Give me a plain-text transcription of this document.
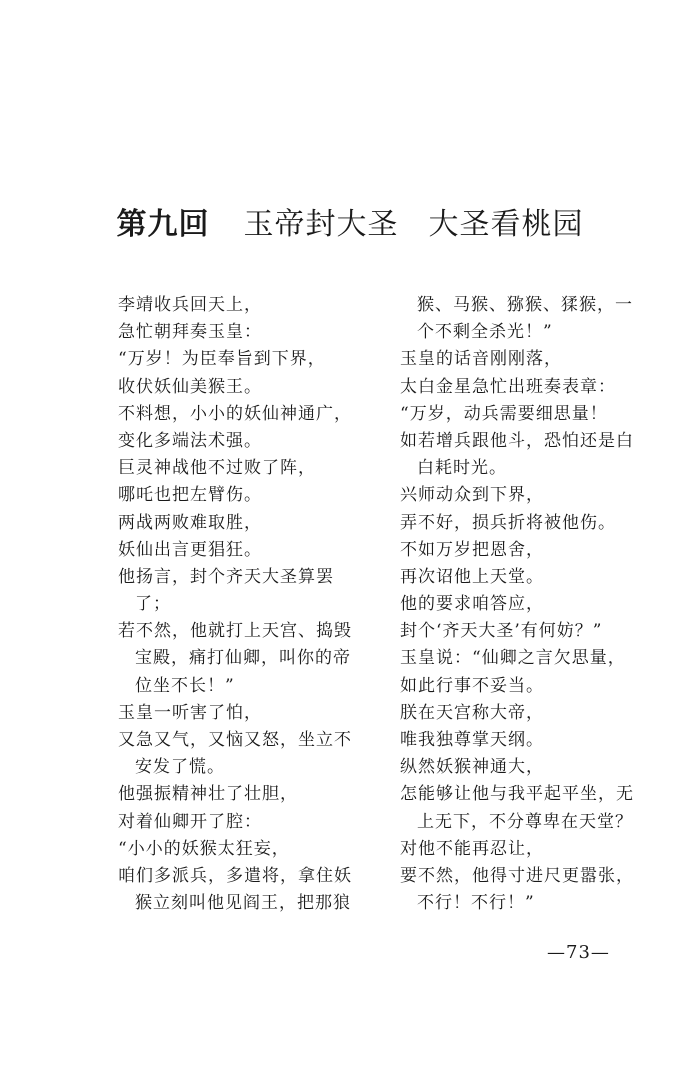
第九回 玉帝封大圣 大圣看桃园
李靖收兵回天上，
急忙朝拜奏玉皇：
“万岁！为臣奉旨到下界，
收伏妖仙美猴王。
不料想，小小的妖仙神通广，
变化多端法术强。
巨灵神战他不过败了阵，
哪吒也把左臂伤。
两战两败难取胜，
妖仙出言更猖狂。
他扬言，封个齐天大圣算罢
了；
若不然，他就打上天宫、捣毁
宝殿，痛打仙卿，叫你的帝
位坐不长！”
玉皇一听害了怕，
又急又气，又恼又怒，坐立不
安发了慌。
他强振精神壮了壮胆，
对着仙卿开了腔：
“小小的妖猴太狂妄，
咱们多派兵，多遣将，拿住妖
猴立刻叫他见阎王，把那狼
猴、马猴、猕猴、猱猴，一
个不剩全杀光！”
玉皇的话音刚刚落，
太白金星急忙出班奏表章：
“万岁，动兵需要细思量！
如若增兵跟他斗，恐怕还是白
白耗时光。
兴师动众到下界，
弄不好，损兵折将被他伤。
不如万岁把恩舍，
再次诏他上天堂。
他的要求咱答应，
封个‘齐天大圣’有何妨？”
玉皇说：“仙卿之言欠思量，
如此行事不妥当。
朕在天宫称大帝，
唯我独尊掌天纲。
纵然妖猴神通大，
怎能够让他与我平起平坐，无
上无下，不分尊卑在天堂？
对他不能再忍让，
要不然，他得寸进尺更嚣张，
不行！不行！”
—73—
